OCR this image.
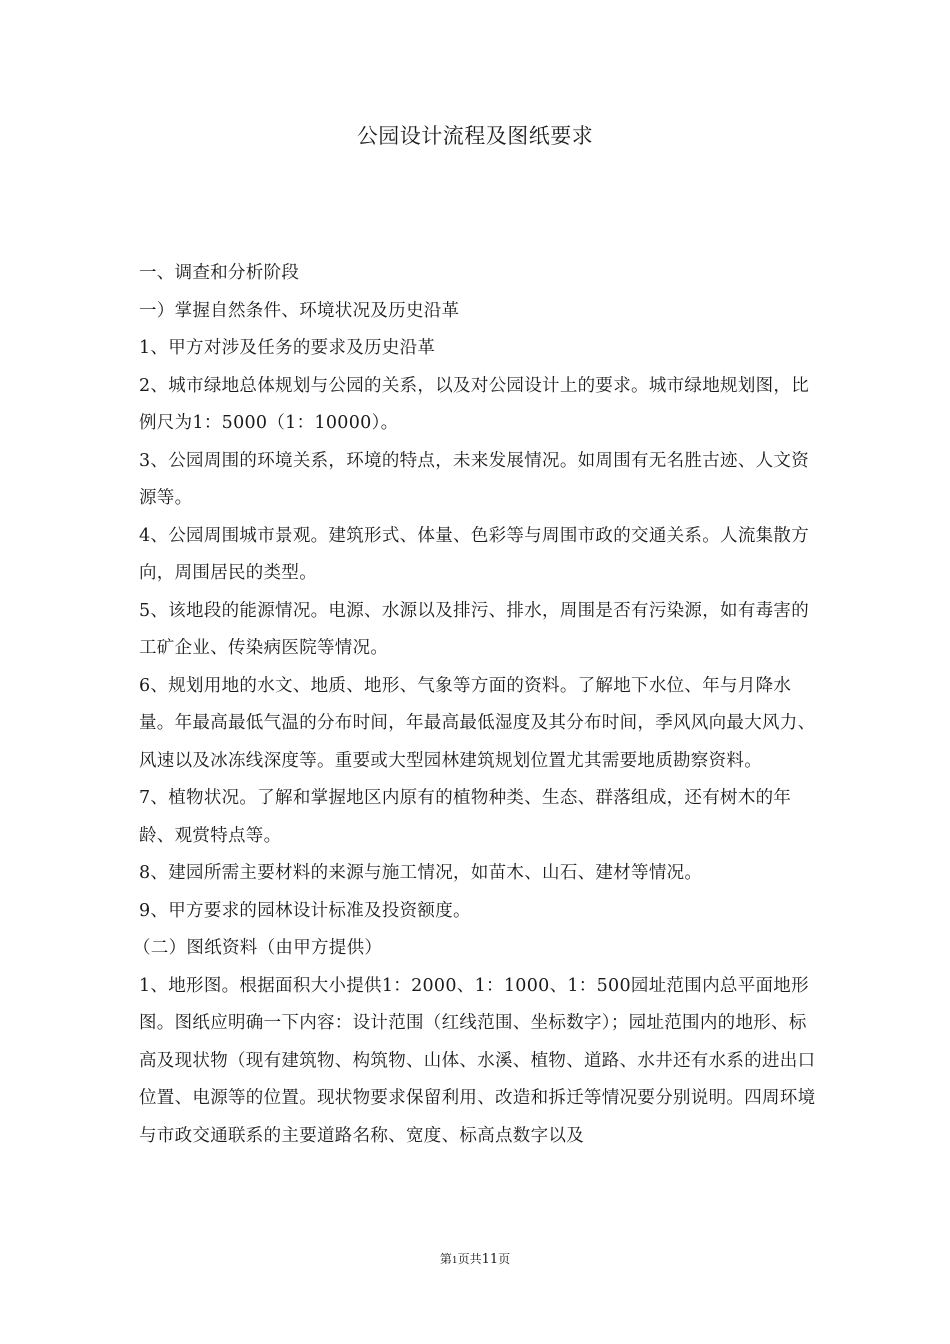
公园设计流程及图纸要求

一、调查和分析阶段

一）掌握自然条件、环境状况及历史沿革

1、甲方对涉及任务的要求及历史沿革

2、城市绿地总体规划与公园的关系，以及对公园设计上的要求。城市绿地规划图，比例尺为1：5000（1：10000）。

3、公园周围的环境关系，环境的特点，未来发展情况。如周围有无名胜古迹、人文资源等。

4、公园周围城市景观。建筑形式、体量、色彩等与周围市政的交通关系。人流集散方向，周围居民的类型。

5、该地段的能源情况。电源、水源以及排污、排水，周围是否有污染源，如有毒害的工矿企业、传染病医院等情况。

6、规划用地的水文、地质、地形、气象等方面的资料。了解地下水位、年与月降水量。年最高最低气温的分布时间，年最高最低湿度及其分布时间，季风风向最大风力、风速以及冰冻线深度等。重要或大型园林建筑规划位置尤其需要地质勘察资料。

7、植物状况。了解和掌握地区内原有的植物种类、生态、群落组成，还有树木的年龄、观赏特点等。

8、建园所需主要材料的来源与施工情况，如苗木、山石、建材等情况。

9、甲方要求的园林设计标准及投资额度。

（二）图纸资料（由甲方提供）

1、地形图。根据面积大小提供1：2000、1：1000、1：500园址范围内总平面地形图。图纸应明确一下内容：设计范围（红线范围、坐标数字）；园址范围内的地形、标高及现状物（现有建筑物、构筑物、山体、水溪、植物、道路、水井还有水系的进出口位置、电源等的位置。现状物要求保留利用、改造和拆迁等情况要分别说明。四周环境与市政交通联系的主要道路名称、宽度、标高点数字以及

第1页共11页
